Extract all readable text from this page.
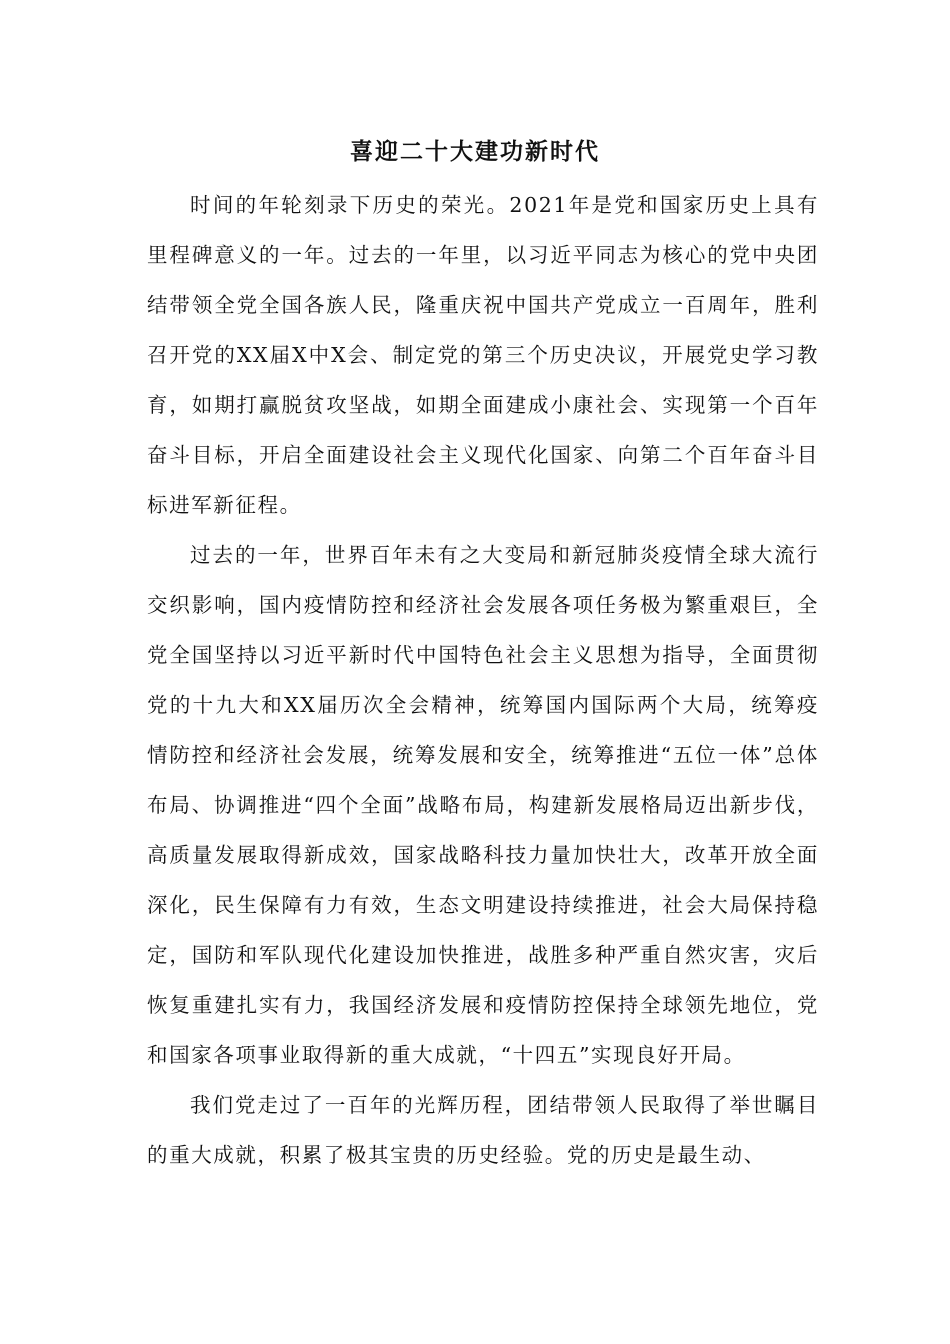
喜迎二十大建功新时代

时间的年轮刻录下历史的荣光。2021年是党和国家历史上具有里程碑意义的一年。过去的一年里，以习近平同志为核心的党中央团结带领全党全国各族人民，隆重庆祝中国共产党成立一百周年，胜利召开党的XX届X中X会、制定党的第三个历史决议，开展党史学习教育，如期打赢脱贫攻坚战，如期全面建成小康社会、实现第一个百年奋斗目标，开启全面建设社会主义现代化国家、向第二个百年奋斗目标进军新征程。

过去的一年，世界百年未有之大变局和新冠肺炎疫情全球大流行交织影响，国内疫情防控和经济社会发展各项任务极为繁重艰巨，全党全国坚持以习近平新时代中国特色社会主义思想为指导，全面贯彻党的十九大和XX届历次全会精神，统筹国内国际两个大局，统筹疫情防控和经济社会发展，统筹发展和安全，统筹推进“五位一体”总体布局、协调推进“四个全面”战略布局，构建新发展格局迈出新步伐，高质量发展取得新成效，国家战略科技力量加快壮大，改革开放全面深化，民生保障有力有效，生态文明建设持续推进，社会大局保持稳定，国防和军队现代化建设加快推进，战胜多种严重自然灾害，灾后恢复重建扎实有力，我国经济发展和疫情防控保持全球领先地位，党和国家各项事业取得新的重大成就，“十四五”实现良好开局。

我们党走过了一百年的光辉历程，团结带领人民取得了举世瞩目的重大成就，积累了极其宝贵的历史经验。党的历史是最生动、
